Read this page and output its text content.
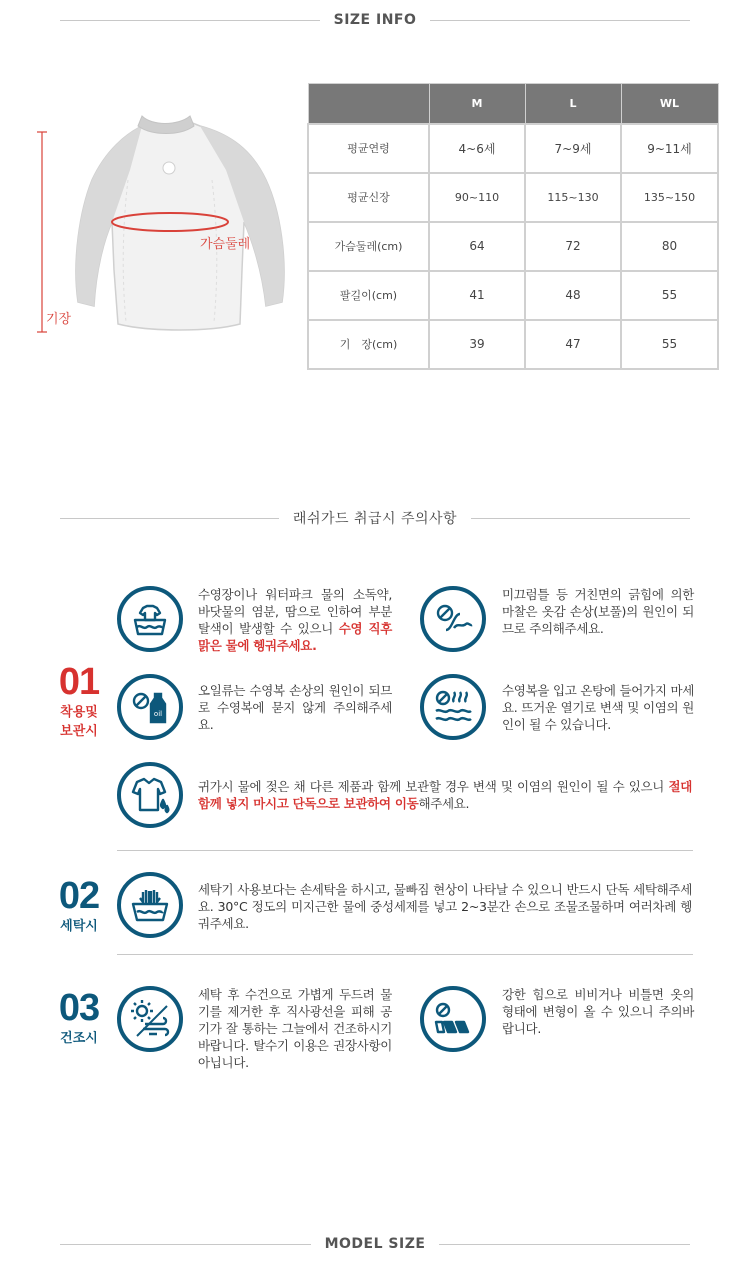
SIZE INFO
기장
가슴둘레
	M	L	WL
평균연령	4~6세	7~9세	9~11세
평균신장	90~110	115~130	135~150
가슴둘레(cm)	64	72	80
팔길이(cm)	41	48	55
기　장(cm)	39	47	55
래쉬가드 취급시 주의사항
01
착용및
보관시
수영장이나 워터파크 물의 소독약, 바닷물의 염분, 땀으로 인하여 부분 탈색이 발생할 수 있으니 수영 직후 맑은 물에 헹궈주세요.
미끄럼틀 등 거친면의 긁힘에 의한 마찰은 옷감 손상(보풀)의 원인이 되므로 주의해주세요.
oil
오일류는 수영복 손상의 원인이 되므로 수영복에 묻지 않게 주의해주세요.
수영복을 입고 온탕에 들어가지 마세요. 뜨거운 열기로 변색 및 이염의 원인이 될 수 있습니다.
귀가시 물에 젖은 채 다른 제품과 함께 보관할 경우 변색 및 이염의 원인이 될 수 있으니 절대 함께 넣지 마시고 단독으로 보관하여 이동해주세요.
02
세탁시
세탁기 사용보다는 손세탁을 하시고, 물빠짐 현상이 나타날 수 있으니 반드시 단독 세탁해주세요. 30°C 정도의 미지근한 물에 중성세제를 넣고 2~3분간 손으로 조물조물하며 여러차례 헹궈주세요.
03
건조시
세탁 후 수건으로 가볍게 두드려 물기를 제거한 후 직사광선을 피해 공기가 잘 통하는 그늘에서 건조하시기 바랍니다. 탈수기 이용은 권장사항이 아닙니다.
강한 힘으로 비비거나 비틀면 옷의 형태에 변형이 올 수 있으니 주의바랍니다.
MODEL SIZE
